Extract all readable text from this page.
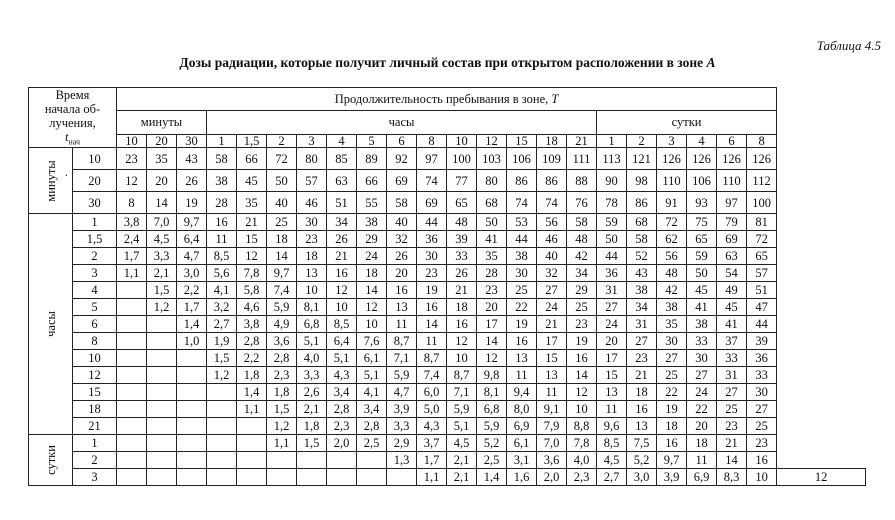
Таблица 4.5
Дозы радиации, которые получит личный состав при открытом расположении в зоне А
Время
начала об-
лучения,
$t_{нач}$		Продолжительность пребывания в зоне, T																						
		минуты			часы													сутки						

		10	20	30	1	1,5	2	3	4	5	6	8	10	12	15	18	21	1	2	3	4	6	8	

минуты .	10	23	35	43	58	66	72	80	85	89	92	97	100	103	106	109	111	113	121	126	126	126	126	
	20	12	20	26	38	45	50	57	63	66	69	74	77	80	86	86	88	90	98	110	106	110	112	
	30	8	14	19	28	35	40	46	51	55	58	69	65	68	74	74	76	78	86	91	93	97	100	

часы	1	3,8	7,0	9,7	16	21	25	30	34	38	40	44	48	50	53	56	58	59	68	72	75	79	81	
	1,5	2,4	4,5	6,4	11	15	18	23	26	29	32	36	39	41	44	46	48	50	58	62	65	69	72	
	2	1,7	3,3	4,7	8,5	12	14	18	21	24	26	30	33	35	38	40	42	44	52	56	59	63	65	
	3	1,1	2,1	3,0	5,6	7,8	9,7	13	16	18	20	23	26	28	30	32	34	36	43	48	50	54	57	
	4		1,5	2,2	4,1	5,8	7,4	10	12	14	16	19	21	23	25	27	29	31	38	42	45	49	51	
	5		1,2	1,7	3,2	4,6	5,9	8,1	10	12	13	16	18	20	22	24	25	27	34	38	41	45	47	
	6			1,4	2,7	3,8	4,9	6,8	8,5	10	11	14	16	17	19	21	23	24	31	35	38	41	44	
	8			1,0	1,9	2,8	3,6	5,1	6,4	7,6	8,7	11	12	14	16	17	19	20	27	30	33	37	39	
	10				1,5	2,2	2,8	4,0	5,1	6,1	7,1	8,7	10	12	13	15	16	17	23	27	30	33	36	
	12				1,2	1,8	2,3	3,3	4,3	5,1	5,9	7,4	8,7	9,8	11	13	14	15	21	25	27	31	33	
	15					1,4	1,8	2,6	3,4	4,1	4,7	6,0	7,1	8,1	9,4	11	12	13	18	22	24	27	30	
	18					1,1	1,5	2,1	2,8	3,4	3,9	5,0	5,9	6,8	8,0	9,1	10	11	16	19	22	25	27	
	21						1,2	1,8	2,3	2,8	3,3	4,3	5,1	5,9	6,9	7,9	8,8	9,6	13	18	20	23	25	

сутки	1						1,1	1,5	2,0	2,5	2,9	3,7	4,5	5,2	6,1	7,0	7,8	8,5	7,5	16	18	21	23	
	2										1,3	1,7	2,1	2,5	3,1	3,6	4,0	4,5	5,2	9,7	11	14	16	
	3											1,1	2,1	1,4	1,6	2,0	2,3	2,7	3,0	3,9	6,9	8,3	10	12
